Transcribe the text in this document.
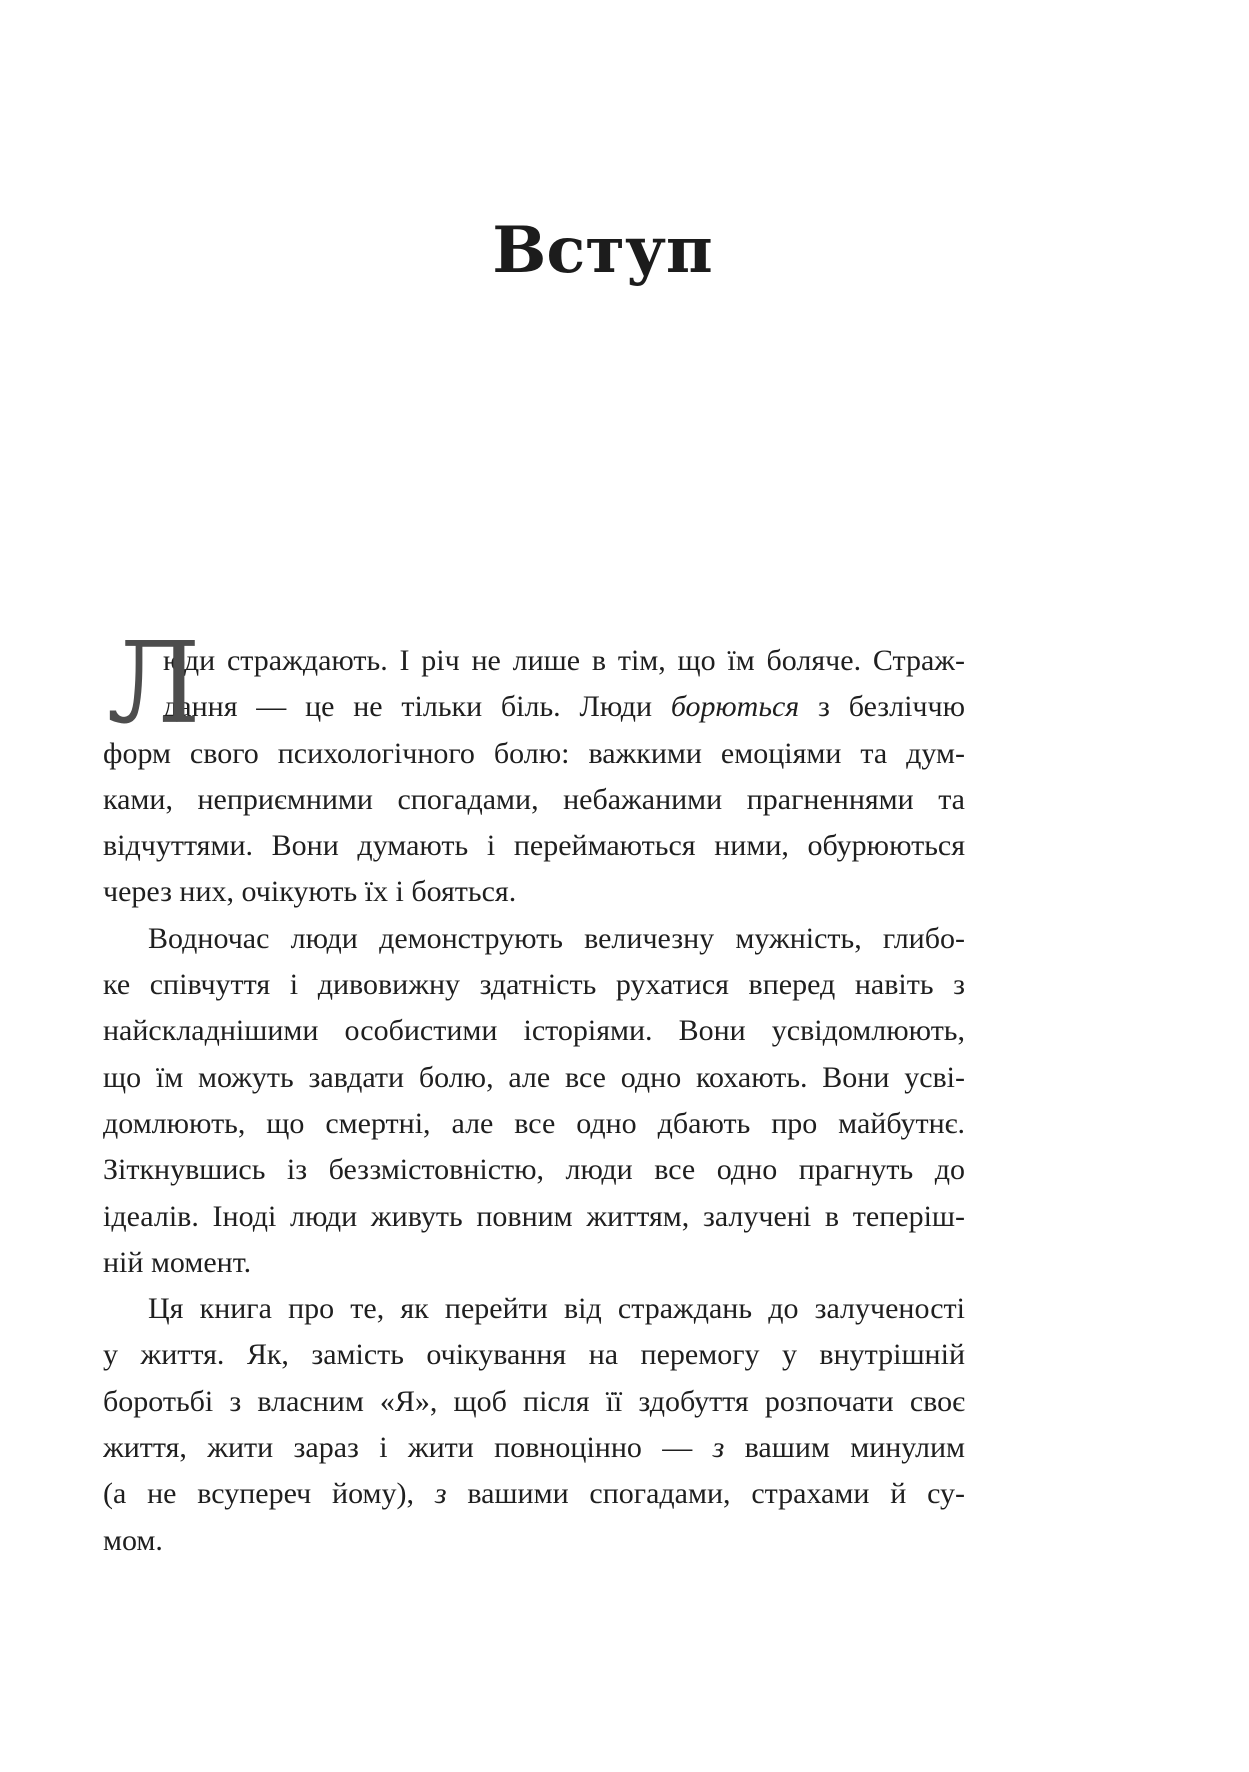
Вступ
Л
юди страждають. І річ не лише в тім, що їм боляче. Страж-
дання — це не тільки біль. Люди борються з безліччю
форм свого психологічного болю: важкими емоціями та дум-
ками, неприємними спогадами, небажаними прагненнями та
відчуттями. Вони думають і переймаються ними, обурюються
через них, очікують їх і бояться.
Водночас люди демонструють величезну мужність, глибо-
ке співчуття і дивовижну здатність рухатися вперед навіть з
найскладнішими особистими історіями. Вони усвідомлюють,
що їм можуть завдати болю, але все одно кохають. Вони усві-
домлюють, що смертні, але все одно дбають про майбутнє.
Зіткнувшись із беззмістовністю, люди все одно прагнуть до
ідеалів. Іноді люди живуть повним життям, залучені в теперіш-
ній момент.
Ця книга про те, як перейти від страждань до залученості
у життя. Як, замість очікування на перемогу у внутрішній
боротьбі з власним «Я», щоб після її здобуття розпочати своє
життя, жити зараз і жити повноцінно — з вашим минулим
(а не всупереч йому), з вашими спогадами, страхами й су-
мом.
